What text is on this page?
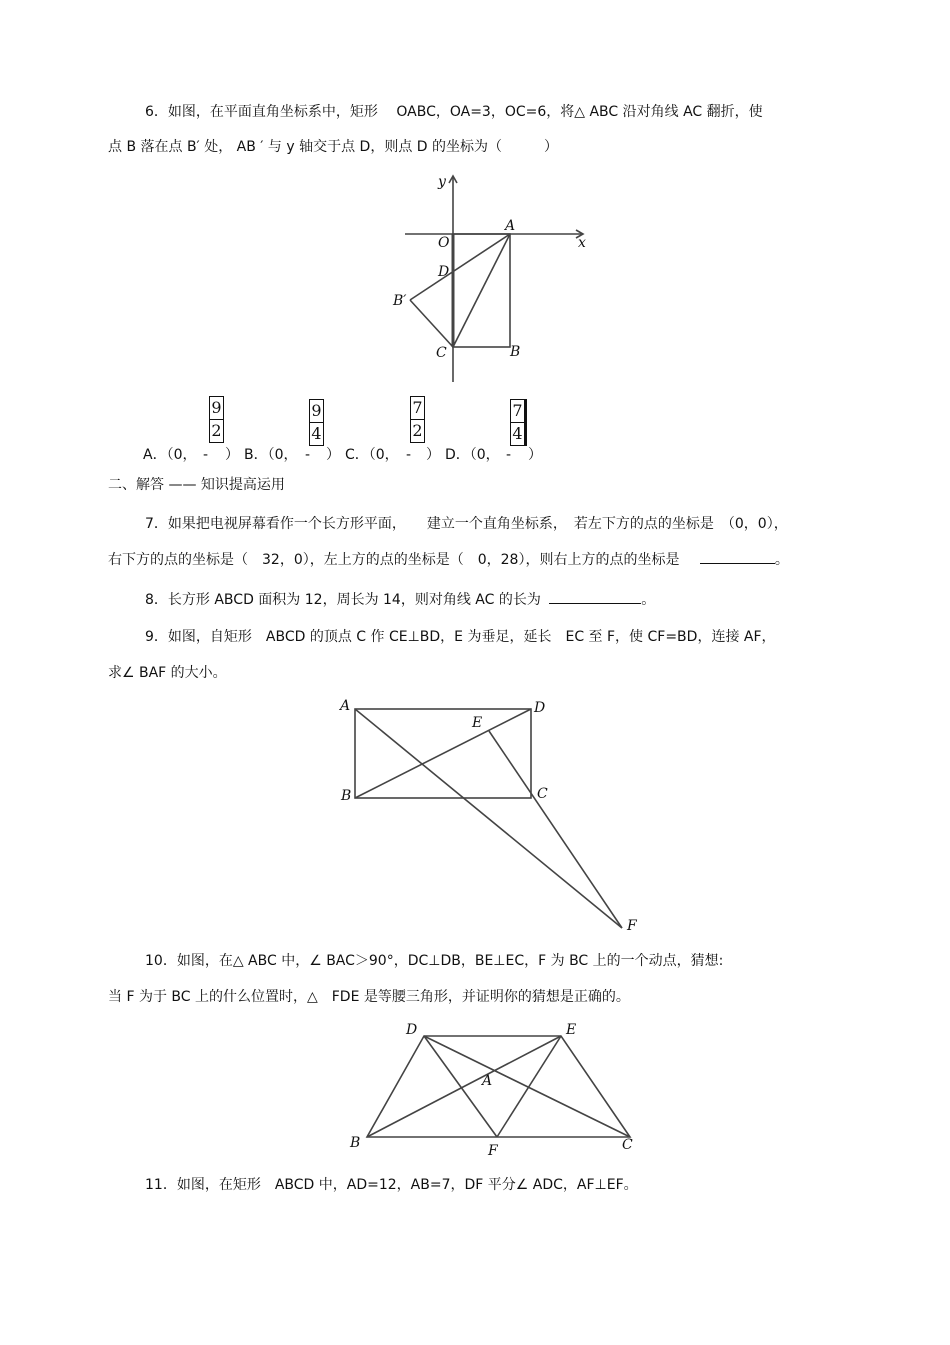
6．如图，在平面直角坐标系中，矩形　 OABC，OA=3，OC=6，将△ ABC 沿对角线 AC 翻折，使
点 B 落在点 B′ 处， AB ′ 与 y 轴交于点 D，则点 D 的坐标为（　　　）
y
x
O
A
D
B′
C	B
A．（0， -
$\frac{9}{2}$
） B．（0， -
$\frac{9}{4}$
） C．（0， -
$\frac{7}{2}$
） D．（0， -
$\frac{7}{4}$
）
二、解答 —— 知识提高运用
7．如果把电视屏幕看作一个长方形平面，　　建立一个直角坐标系，　若左下方的点的坐标是　（0，0），
右下方的点的坐标是（　32，0），左上方的点的坐标是（　0，28），则右上方的点的坐标是	。
8．长方形 ABCD 面积为 12，周长为 14，则对角线 AC 的长为	。
9．如图，自矩形　ABCD 的顶点 C 作 CE⊥BD，E 为垂足，延长　EC 至 F，使 CF=BD，连接 AF，
求∠ BAF 的大小。
A	D
E
B	C
F
10．如图，在△ ABC 中，∠ BAC＞90°，DC⊥DB，BE⊥EC，F 为 BC 上的一个动点，猜想:
当 F 为于 BC 上的什么位置时，△　FDE 是等腰三角形，并证明你的猜想是正确的。
D	E
A
B	F	C
11．如图，在矩形　ABCD 中，AD=12，AB=7，DF 平分∠ ADC，AF⊥EF。
